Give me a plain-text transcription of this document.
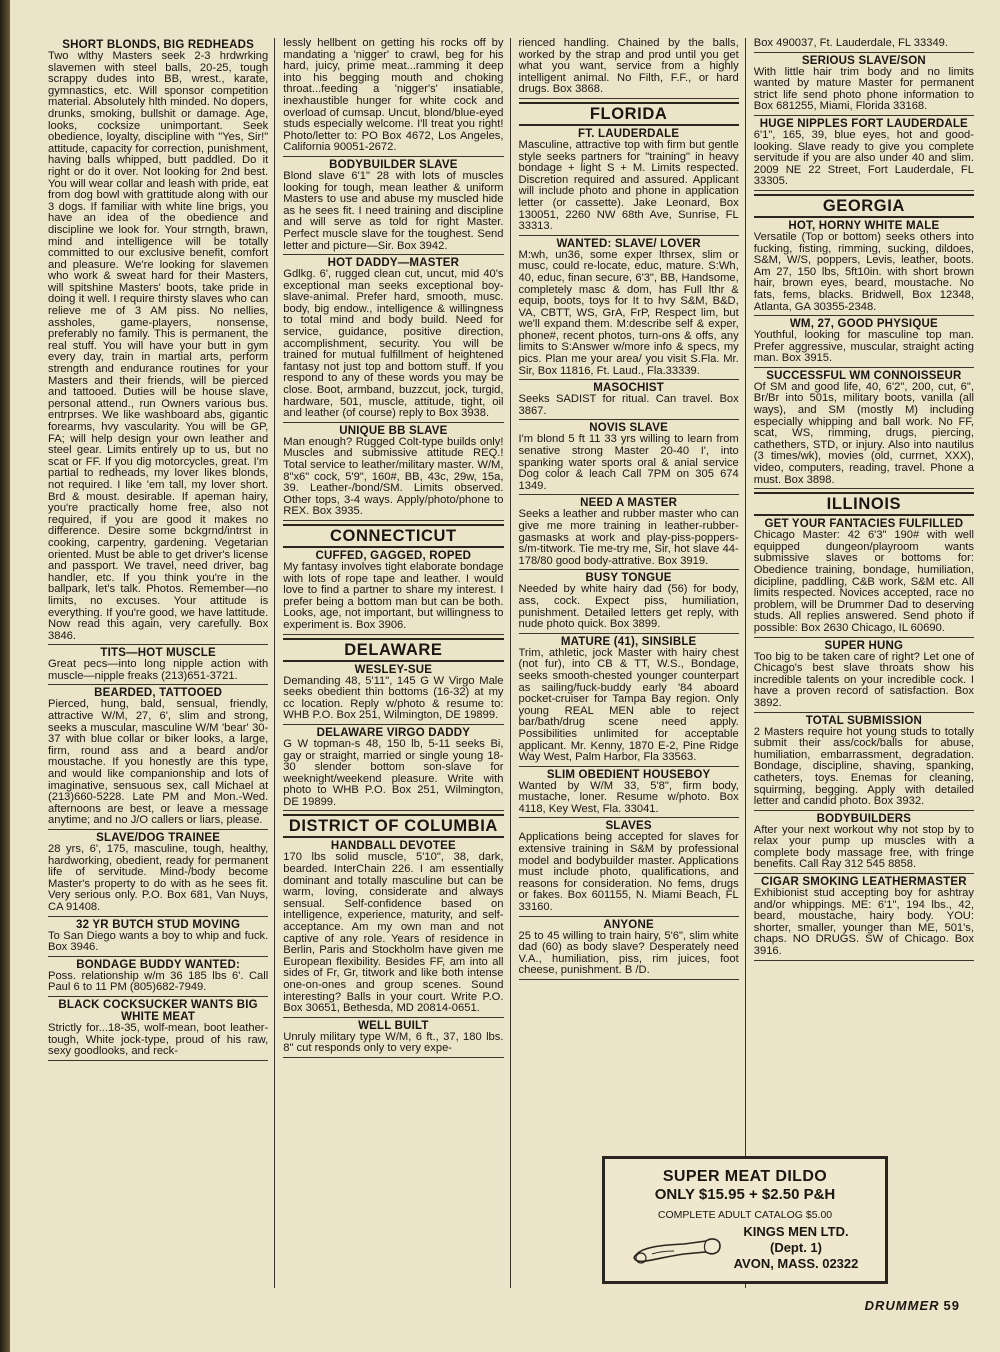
SHORT BLONDS, BIG REDHEADS

Two wlthy Masters seek 2-3 hrdwrking slavemen with steel balls, 20-25, tough scrappy dudes into BB, wrest., karate, gymnastics, etc. Will sponsor competition material. Absolutely hlth minded. No dopers, drunks, smoking, bullshit or damage. Age, looks, cocksize unimportant. Seek obedience, loyalty, discipline with "Yes, Sir!" attitude, capacity for correction, punishment, having balls whipped, butt paddled. Do it right or do it over. Not looking for 2nd best. You will wear collar and leash with pride, eat from dog bowl with grattitude along with our 3 dogs. If familiar with white line brigs, you have an idea of the obedience and discipline we look for. Your strngth, brawn, mind and intelligence will be totally committed to our exclusive benefit, comfort and pleasure. We're looking for slavemen who work & sweat hard for their Masters, will spitshine Masters' boots, take pride in doing it well. I require thirsty slaves who can relieve me of 3 AM piss. No nellies, assholes, game-players, nonsense, preferably no family. This is permanent, the real stuff. You will have your butt in gym every day, train in martial arts, perform strength and endurance routines for your Masters and their friends, will be pierced and tattooed. Duties will be house slave, personal attend., run Owners various bus. entrprses. We like washboard abs, gigantic forearms, hvy vascularity. You will be GP, FA; will help design your own leather and steel gear. Limits entirely up to us, but no scat or FF. If you dig motorcycles, great. I'm partial to redheads, my lover likes blonds, not required. I like 'em tall, my lover short. Brd & moust. desirable. If apeman hairy, you're practically home free, also not required, if you are good it makes no difference. Desire some bckgrnd/intrst in cooking, carpentry, gardening. Vegetarian oriented. Must be able to get driver's license and passport. We travel, need driver, bag handler, etc. If you think you're in the ballpark, let's talk. Photos. Remember—no limits, no excuses. Your attitude is everything. If you're good, we have lattitude. Now read this again, very carefully. Box 3846.

TITS—HOT MUSCLE

Great pecs—into long nipple action with muscle—nipple freaks (213)651-3721.

BEARDED, TATTOOED

Pierced, hung, bald, sensual, friendly, attractive W/M, 27, 6', slim and strong, seeks a muscular, masculine W/M 'bear' 30-37 with blue collar or biker looks, a large, firm, round ass and a beard and/or moustache. If you honestly are this type, and would like companionship and lots of imaginative, sensuous sex, call Michael at (213)660-5228. Late PM and Mon.-Wed. afternoons are best, or leave a message anytime; and no J/O callers or liars, please.

SLAVE/DOG TRAINEE

28 yrs, 6', 175, masculine, tough, healthy, hardworking, obedient, ready for permanent life of servitude. Mind-/body become Master's property to do with as he sees fit. Very serious only. P.O. Box 681, Van Nuys, CA 91408.

32 YR BUTCH STUD MOVING

To San Diego wants a boy to whip and fuck. Box 3946.

BONDAGE BUDDY WANTED:

Poss. relationship w/m 36 185 lbs 6'. Call Paul 6 to 11 PM (805)682-7949.

BLACK COCKSUCKER WANTS BIG WHITE MEAT

Strictly for...18-35, wolf-mean, boot leather-tough, White jock-type, proud of his raw, sexy goodlooks, and reck-

lessly hellbent on getting his rocks off by mandating a 'nigger' to crawl, beg for his hard, juicy, prime meat...ramming it deep into his begging mouth and choking throat...feeding a 'nigger's' insatiable, inexhaustible hunger for white cock and overload of cumsap. Uncut, blond/blue-eyed studs especially welcome. I'll treat you right! Photo/letter to: PO Box 4672, Los Angeles, California 90051-2672.

BODYBUILDER SLAVE

Blond slave 6'1" 28 with lots of muscles looking for tough, mean leather & uniform Masters to use and abuse my muscled hide as he sees fit. I need training and discipline and will serve as told for right Master. Perfect muscle slave for the toughest. Send letter and picture—Sir. Box 3942.

HOT DADDY—MASTER

Gdlkg. 6', rugged clean cut, uncut, mid 40's exceptional man seeks exceptional boy-slave-animal. Prefer hard, smooth, musc. body, big endow., intelligence & willingness to total mind and body build. Need for service, guidance, positive direction, accomplishment, security. You will be trained for mutual fulfillment of heightened fantasy not just top and bottom stuff. If you respond to any of these words you may be close. Boot, armband, buzzcut, jock, turgid, hardware, 501, muscle, attitude, tight, oil and leather (of course) reply to Box 3938.

UNIQUE BB SLAVE

Man enough? Rugged Colt-type builds only! Muscles and submissive attitude REQ.! Total service to leather/military master. W/M, 8"x6" cock, 5'9", 160#, BB, 43c, 29w, 15a, 39. Leather-/bond/SM. Limits observed. Other tops, 3-4 ways. Apply/photo/phone to REX. Box 3935.

CONNECTICUT
CUFFED, GAGGED, ROPED

My fantasy involves tight elaborate bondage with lots of rope tape and leather. I would love to find a partner to share my interest. I prefer being a bottom man but can be both. Looks, age, not important, but willingness to experiment is. Box 3906.

DELAWARE
WESLEY-SUE

Demanding 48, 5'11", 145 G W Virgo Male seeks obedient thin bottoms (16-32) at my cc location. Reply w/photo & resume to: WHB P.O. Box 251, Wilmington, DE 19899.

DELAWARE VIRGO DADDY

G W topman-s 48, 150 lb, 5-11 seeks Bi, gay or straight, married or single young 18-30 slender bottom son-slave for weeknight/weekend pleasure. Write with photo to WHB P.O. Box 251, Wilmington, DE 19899.

DISTRICT OF COLUMBIA
HANDBALL DEVOTEE

170 lbs solid muscle, 5'10", 38, dark, bearded. InterChain 226. I am essentially dominant and totally masculine but can be warm, loving, considerate and always sensual. Self-confidence based on intelligence, experience, maturity, and self-acceptance. Am my own man and not captive of any role. Years of residence in Berlin, Paris and Stockholm have given me European flexibility. Besides FF, am into all sides of Fr, Gr, titwork and like both intense one-on-ones and group scenes. Sound interesting? Balls in your court. Write P.O. Box 30651, Bethesda, MD 20814-0651.

WELL BUILT

Unruly military type W/M, 6 ft., 37, 180 lbs. 8" cut responds only to very expe-

rienced handling. Chained by the balls, worked by the strap and prod until you get what you want, service from a highly intelligent animal. No Filth, F.F., or hard drugs. Box 3868.

FLORIDA
FT. LAUDERDALE

Masculine, attractive top with firm but gentle style seeks partners for "training" in heavy bondage + light S + M. Limits respected. Discretion required and assured. Applicant will include photo and phone in application letter (or cassette). Jake Leonard, Box 130051, 2260 NW 68th Ave, Sunrise, FL 33313.

WANTED: SLAVE/ LOVER

M:wh, un36, some exper lthrsex, slim or musc, could re-locate, educ, mature. S:Wh, 40, educ, finan secure, 6'3", BB, Handsome, completely masc & dom, has Full lthr & equip, boots, toys for It to hvy S&M, B&D, VA, CBTT, WS, GrA, FrP, Respect lim, but we'll expand them. M:describe self & exper, phone#, recent photos, turn-ons & offs, any limits to S:Answer w/more info & specs, my pics. Plan me your area/ you visit S.Fla. Mr. Sir, Box 11816, Ft. Laud., Fla.33339.

MASOCHIST

Seeks SADIST for ritual. Can travel. Box 3867.

NOVIS SLAVE

I'm blond 5 ft 11 33 yrs willing to learn from senative strong Master 20-40 I', into spanking water sports oral & anial service Dog color & leach Call 7PM on 305 674 1349.

NEED A MASTER

Seeks a leather and rubber master who can give me more training in leather-rubber-gasmasks at work and play-piss-poppers-s/m-titwork. Tie me-try me, Sir, hot slave 44-178/80 good body-attrative. Box 3919.

BUSY TONGUE

Needed by white hairy dad (56) for body, ass, cock. Expect piss, humiliation, punishment. Detailed letters get reply, with nude photo quick. Box 3899.

MATURE (41), SINSIBLE

Trim, athletic, jock Master with hairy chest (not fur), into CB & TT, W.S., Bondage, seeks smooth-chested younger counterpart as sailing/fuck-buddy early '84 aboard pocket-cruiser for Tampa Bay region. Only young REAL MEN able to reject bar/bath/drug scene need apply. Possibilities unlimited for acceptable applicant. Mr. Kenny, 1870 E-2, Pine Ridge Way West, Palm Harbor, Fla 33563.

SLIM OBEDIENT HOUSEBOY

Wanted by W/M 33, 5'8", firm body, mustache, loner. Resume w/photo. Box 4118, Key West, Fla. 33041.

SLAVES

Applications being accepted for slaves for extensive training in S&M by professional model and bodybuilder master. Applications must include photo, qualifications, and reasons for consideration. No fems, drugs or fakes. Box 601155, N. Miami Beach, FL 33160.

ANYONE

25 to 45 willing to train hairy, 5'6", slim white dad (60) as body slave? Desperately need V.A., humiliation, piss, rim juices, foot cheese, punishment. B /D.

Box 490037, Ft. Lauderdale, FL 33349.

SERIOUS SLAVE/SON

With little hair trim body and no limits wanted by mature Master for permanent strict life send photo phone information to Box 681255, Miami, Florida 33168.

HUGE NIPPLES FORT LAUDERDALE

6'1", 165, 39, blue eyes, hot and good-looking. Slave ready to give you complete servitude if you are also under 40 and slim. 2009 NE 22 Street, Fort Lauderdale, FL 33305.

GEORGIA
HOT, HORNY WHITE MALE

Versatile (Top or bottom) seeks others into fucking, fisting, rimming, sucking, dildoes, S&M, W/S, poppers, Levis, leather, boots. Am 27, 150 lbs, 5ft10in. with short brown hair, brown eyes, beard, moustache. No fats, fems, blacks. Bridwell, Box 12348, Atlanta, GA 30355-2348.

WM, 27, GOOD PHYSIQUE

Youthful, looking for masculine top man. Prefer aggressive, muscular, straight acting man. Box 3915.

SUCCESSFUL WM CONNOISSEUR

Of SM and good life, 40, 6'2", 200, cut, 6", Br/Br into 501s, military boots, vanilla (all ways), and SM (mostly M) including especially whipping and ball work. No FF, scat, WS, rimming, drugs, piercing, cathethers, STD, or injury. Also into nautilus (3 times/wk), movies (old, currnet, XXX), video, computers, reading, travel. Phone a must. Box 3898.

ILLINOIS
GET YOUR FANTACIES FULFILLED

Chicago Master: 42 6'3" 190# with well equipped dungeon/playroom wants submissive slaves or bottoms for: Obedience training, bondage, humiliation, dicipline, paddling, C&B work, S&M etc. All limits respected. Novices accepted, race no problem, will be Drummer Dad to deserving studs. All replies answered. Send photo if possible: Box 2630 Chicago, IL 60690.

SUPER HUNG

Too big to be taken care of right? Let one of Chicago's best slave throats show his incredible talents on your incredible cock. I have a proven record of satisfaction. Box 3892.

TOTAL SUBMISSION

2 Masters require hot young studs to totally submit their ass/cock/balls for abuse, humiliation, embarrassment, degradation. Bondage, discipline, shaving, spanking, catheters, toys. Enemas for cleaning, squirming, begging. Apply with detailed letter and candid photo. Box 3932.

BODYBUILDERS

After your next workout why not stop by to relax your pump up muscles with a complete body massage free, with fringe benefits. Call Ray 312 545 8858.

CIGAR SMOKING LEATHERMASTER

Exhibionist stud accepting boy for ashtray and/or whippings. ME: 6'1", 194 lbs., 42, beard, moustache, hairy body. YOU: shorter, smaller, younger than ME, 501's, chaps. NO DRUGS. SW of Chicago. Box 3916.

SUPER MEAT DILDO
ONLY $15.95 + $2.50 P&H
COMPLETE ADULT CATALOG $5.00
KINGS MEN LTD.
(Dept. 1)
AVON, MASS. 02322
DRUMMER 59
